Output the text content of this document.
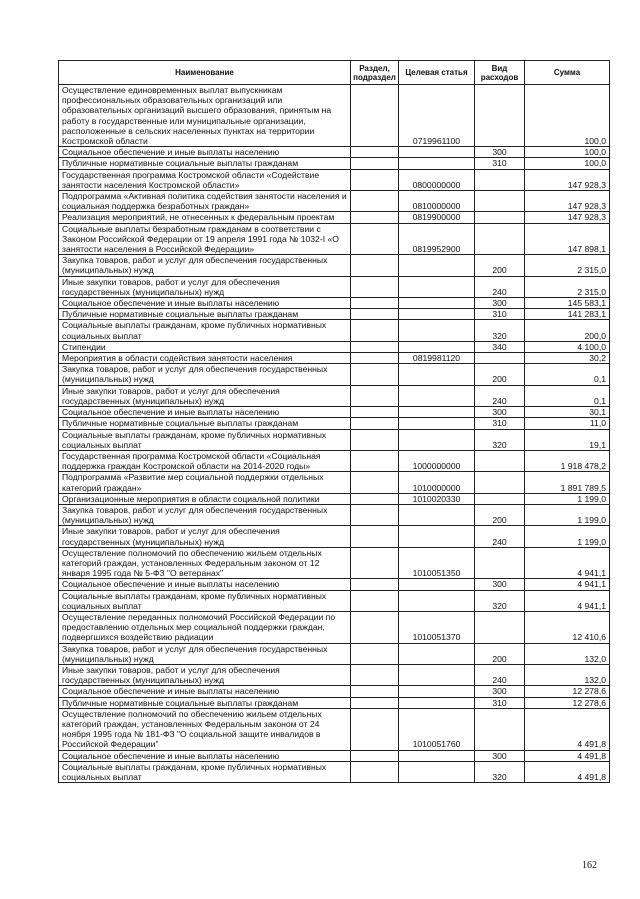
Наименование	Раздел, подраздел	Целевая статья	Вид расходов	Сумма
Осуществление единовременных выплат выпускникам профессиональных образовательных организаций или образовательных организаций высшего образования, принятым на работу в государственные или муниципальные организации, расположенные в сельских населенных пунктах на территории Костромской области		0719961100		100,0
Социальное обеспечение и иные выплаты населению			300	100,0
Публичные нормативные социальные выплаты гражданам			310	100,0
Государственная программа Костромской области «Содействие занятости населения Костромской области»		0800000000		147 928,3
Подпрограмма «Активная политика содействия занятости населения и социальная поддержка безработных граждан»		0810000000		147 928,3
Реализация мероприятий, не отнесенных к федеральным проектам		0819900000		147 928,3
Социальные выплаты безработным гражданам в соответствии с Законом Российской Федерации от 19 апреля 1991 года № 1032-I «О занятости населения в Российской Федерации»		0819952900		147 898,1
Закупка товаров, работ и услуг для обеспечения государственных (муниципальных) нужд			200	2 315,0
Иные закупки товаров, работ и услуг для обеспечения государственных (муниципальных) нужд			240	2 315,0
Социальное обеспечение и иные выплаты населению			300	145 583,1
Публичные нормативные социальные выплаты гражданам			310	141 283,1
Социальные выплаты гражданам, кроме публичных нормативных социальных выплат			320	200,0
Стипендии			340	4 100,0
Мероприятия в области содействия занятости населения		0819981120		30,2
Закупка товаров, работ и услуг для обеспечения государственных (муниципальных) нужд			200	0,1
Иные закупки товаров, работ и услуг для обеспечения государственных (муниципальных) нужд			240	0,1
Социальное обеспечение и иные выплаты населению			300	30,1
Публичные нормативные социальные выплаты гражданам			310	11,0
Социальные выплаты гражданам, кроме публичных нормативных социальных выплат			320	19,1
Государственная программа Костромской области «Социальная поддержка граждан Костромской области на 2014-2020 годы»		1000000000		1 918 478,2
Подпрограмма «Развитие мер социальной поддержки отдельных категорий граждан»		1010000000		1 891 789,5
Организационные мероприятия в области социальной политики		1010020330		1 199,0
Закупка товаров, работ и услуг для обеспечения государственных (муниципальных) нужд			200	1 199,0
Иные закупки товаров, работ и услуг для обеспечения государственных (муниципальных) нужд			240	1 199,0
Осуществление полномочий по обеспечению жильем отдельных категорий граждан, установленных Федеральным законом от 12 января 1995 года № 5-ФЗ "О ветеранах"		1010051350		4 941,1
Социальное обеспечение и иные выплаты населению			300	4 941,1
Социальные выплаты гражданам, кроме публичных нормативных социальных выплат			320	4 941,1
Осуществление переданных полномочий Российской Федерации по предоставлению отдельных мер социальной поддержки граждан, подвергшихся воздействию радиации		1010051370		12 410,6
Закупка товаров, работ и услуг для обеспечения государственных (муниципальных) нужд			200	132,0
Иные закупки товаров, работ и услуг для обеспечения государственных (муниципальных) нужд			240	132,0
Социальное обеспечение и иные выплаты населению			300	12 278,6
Публичные нормативные социальные выплаты гражданам			310	12 278,6
Осуществление полномочий по обеспечению жильем отдельных категорий граждан, установленных Федеральным законом от 24 ноября 1995 года № 181-ФЗ "О социальной защите инвалидов в Российской Федерации"		1010051760		4 491,8
Социальное обеспечение и иные выплаты населению			300	4 491,8
Социальные выплаты гражданам, кроме публичных нормативных социальных выплат			320	4 491,8
162
